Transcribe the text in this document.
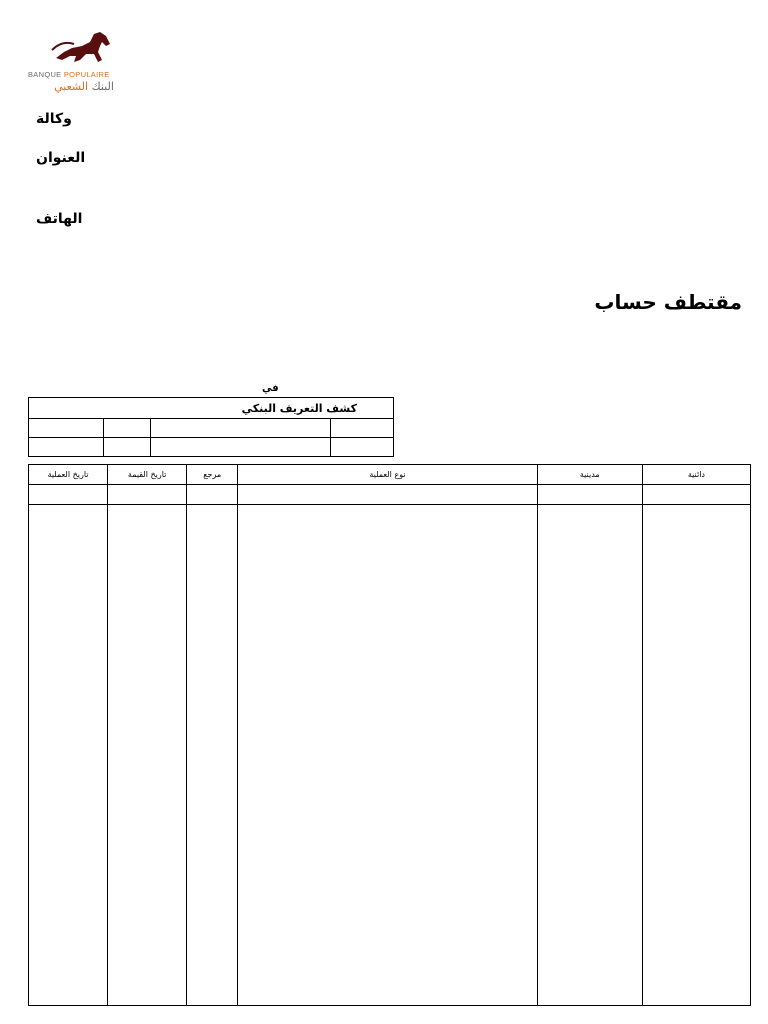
BANQUE POPULAIRE
البنك الشعبي
وكالة
العنوان
الهاتف
مقتطف حساب
في
كشف التعريف البنكي			

تاريخ العملية	تاريخ القيمة	مرجع	نوع العملية	مدينية	دائنية
